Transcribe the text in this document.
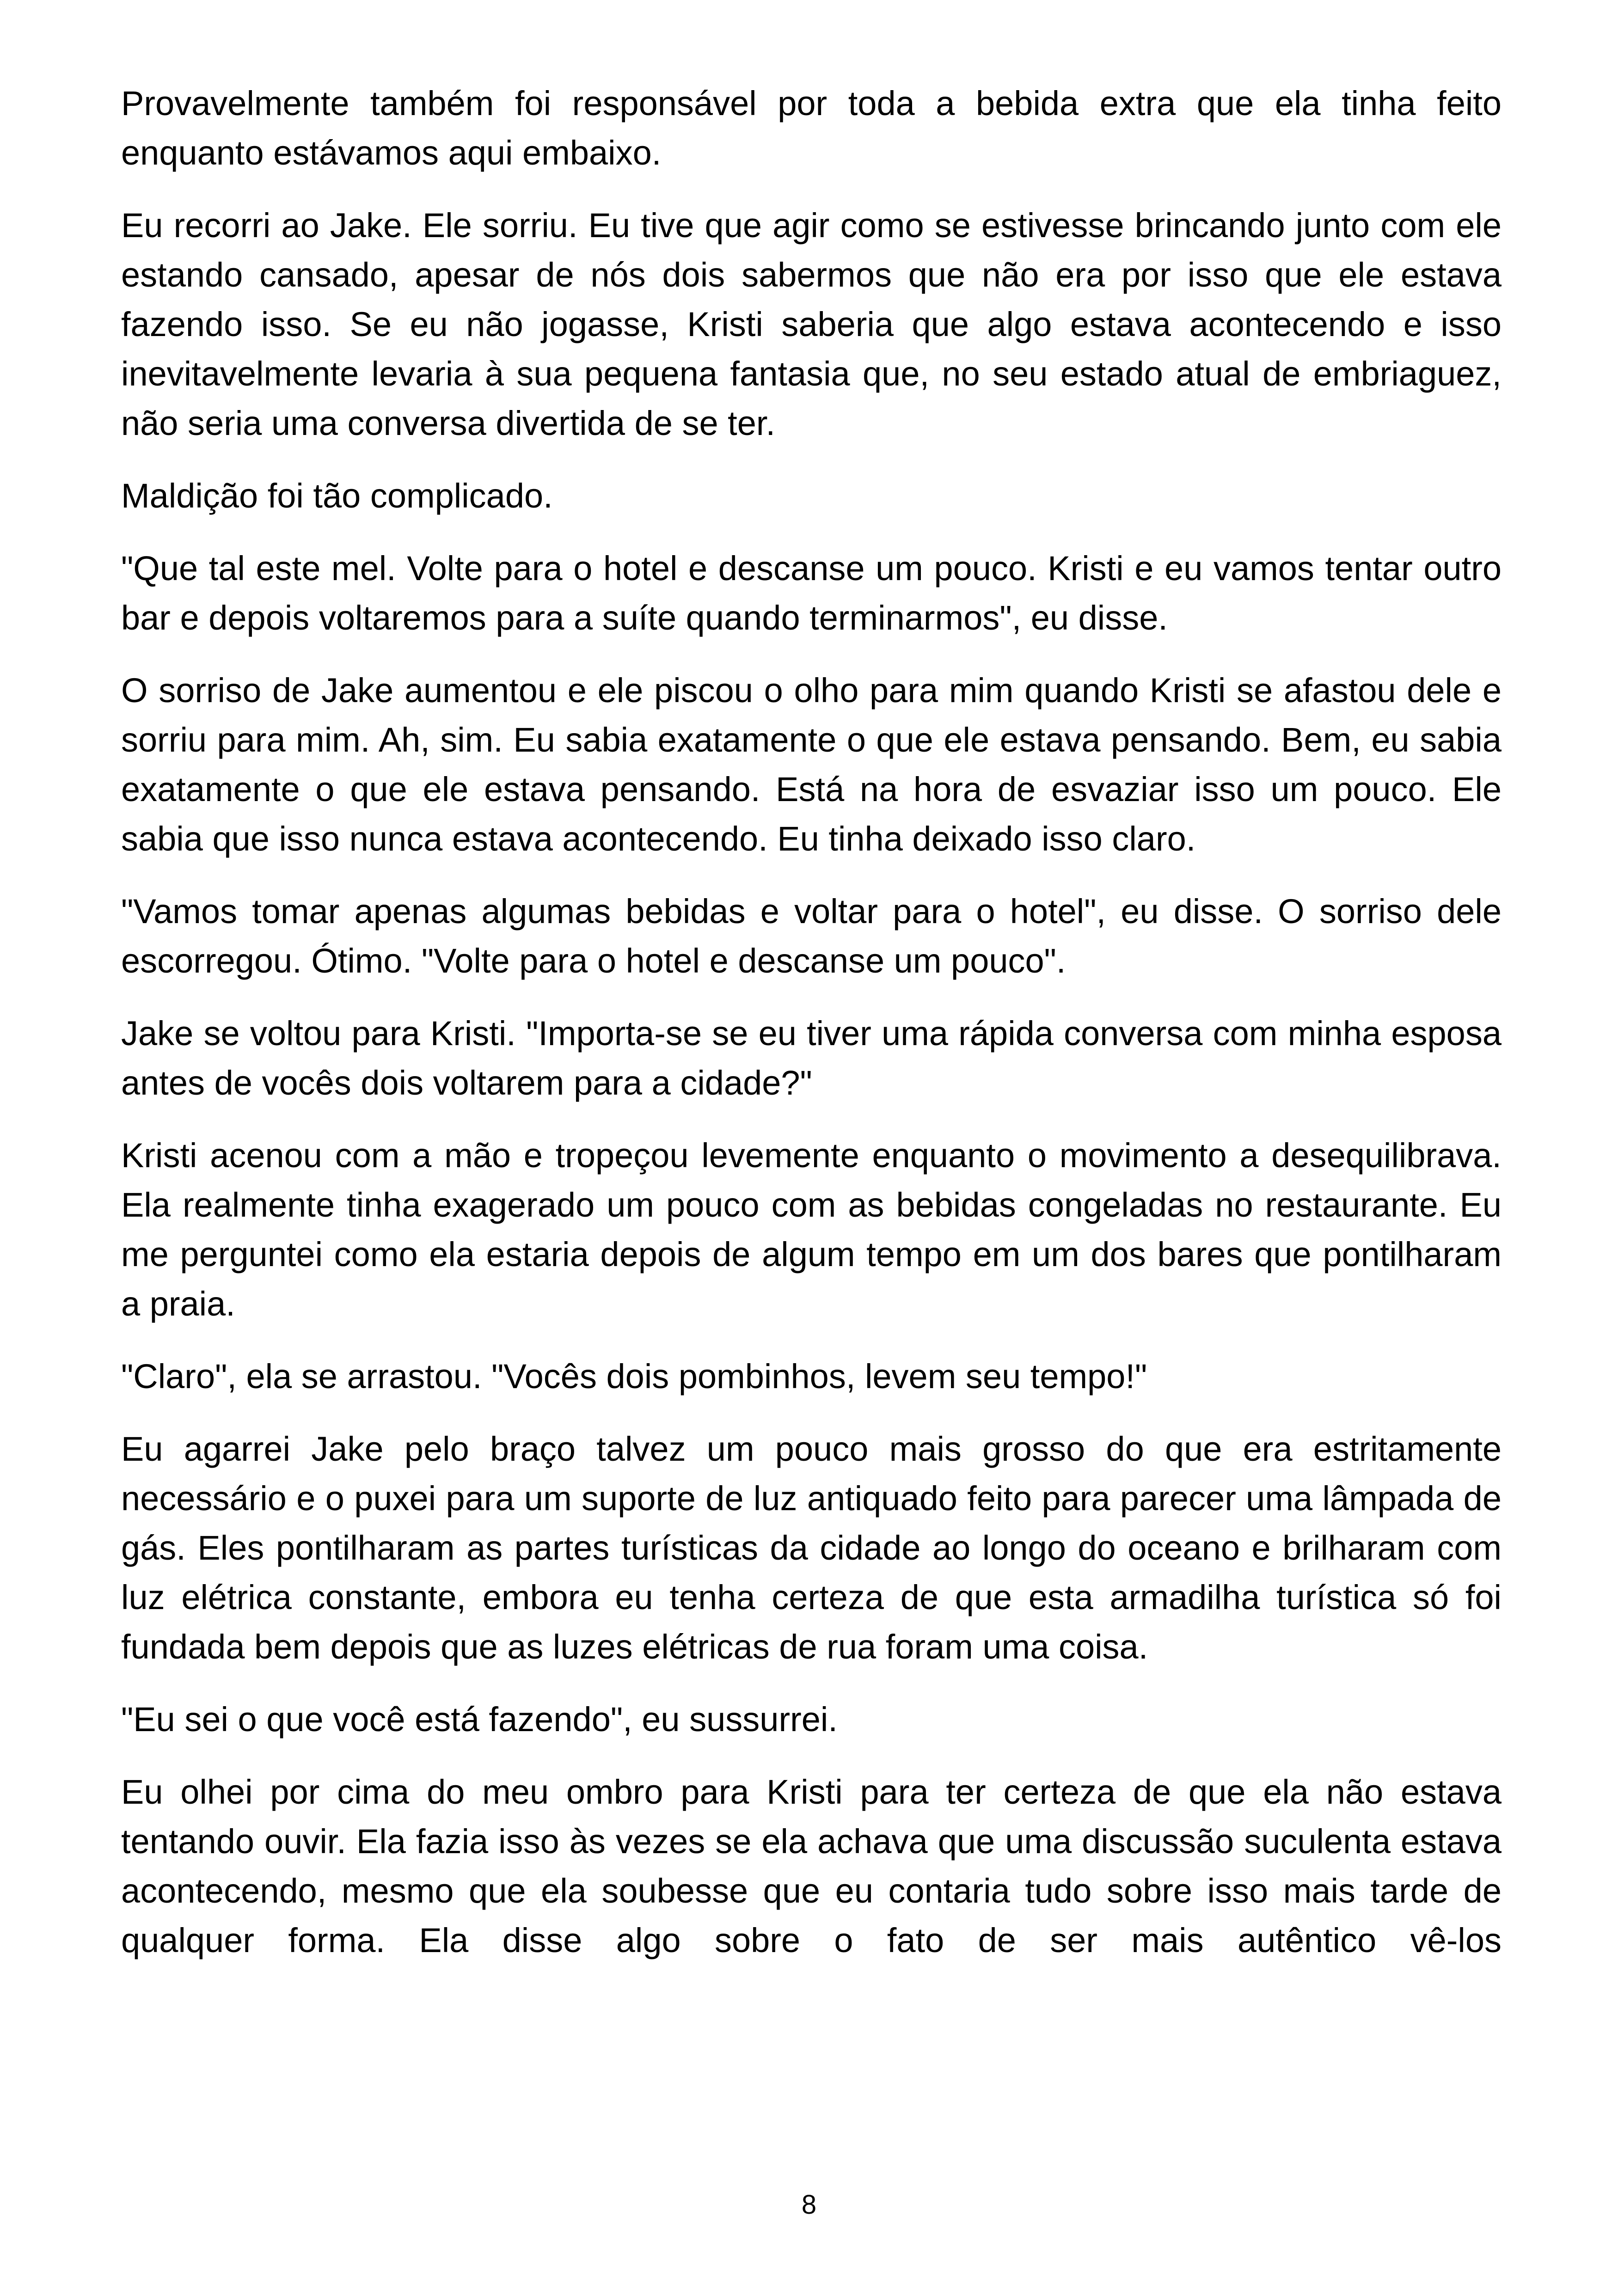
Provavelmente também foi responsável por toda a bebida extra que ela tinha feito enquanto estávamos aqui embaixo.

Eu recorri ao Jake. Ele sorriu. Eu tive que agir como se estivesse brincando junto com ele estando cansado, apesar de nós dois sabermos que não era por isso que ele estava fazendo isso. Se eu não jogasse, Kristi saberia que algo estava acontecendo e isso inevitavelmente levaria à sua pequena fantasia que, no seu estado atual de embriaguez, não seria uma conversa divertida de se ter.

Maldição foi tão complicado.

"Que tal este mel. Volte para o hotel e descanse um pouco. Kristi e eu vamos tentar outro bar e depois voltaremos para a suíte quando terminarmos", eu disse.

O sorriso de Jake aumentou e ele piscou o olho para mim quando Kristi se afastou dele e sorriu para mim. Ah, sim. Eu sabia exatamente o que ele estava pensando. Bem, eu sabia exatamente o que ele estava pensando. Está na hora de esvaziar isso um pouco. Ele sabia que isso nunca estava acontecendo. Eu tinha deixado isso claro.

"Vamos tomar apenas algumas bebidas e voltar para o hotel", eu disse. O sorriso dele escorregou. Ótimo. "Volte para o hotel e descanse um pouco".

Jake se voltou para Kristi. "Importa-se se eu tiver uma rápida conversa com minha esposa antes de vocês dois voltarem para a cidade?"

Kristi acenou com a mão e tropeçou levemente enquanto o movimento a desequilibrava. Ela realmente tinha exagerado um pouco com as bebidas congeladas no restaurante. Eu me perguntei como ela estaria depois de algum tempo em um dos bares que pontilharam a praia.

"Claro", ela se arrastou. "Vocês dois pombinhos, levem seu tempo!"

Eu agarrei Jake pelo braço talvez um pouco mais grosso do que era estritamente necessário e o puxei para um suporte de luz antiquado feito para parecer uma lâmpada de gás. Eles pontilharam as partes turísticas da cidade ao longo do oceano e brilharam com luz elétrica constante, embora eu tenha certeza de que esta armadilha turística só foi fundada bem depois que as luzes elétricas de rua foram uma coisa.

"Eu sei o que você está fazendo", eu sussurrei.

Eu olhei por cima do meu ombro para Kristi para ter certeza de que ela não estava tentando ouvir. Ela fazia isso às vezes se ela achava que uma discussão suculenta estava acontecendo, mesmo que ela soubesse que eu contaria tudo sobre isso mais tarde de qualquer forma. Ela disse algo sobre o fato de ser mais autêntico vê-los

8
